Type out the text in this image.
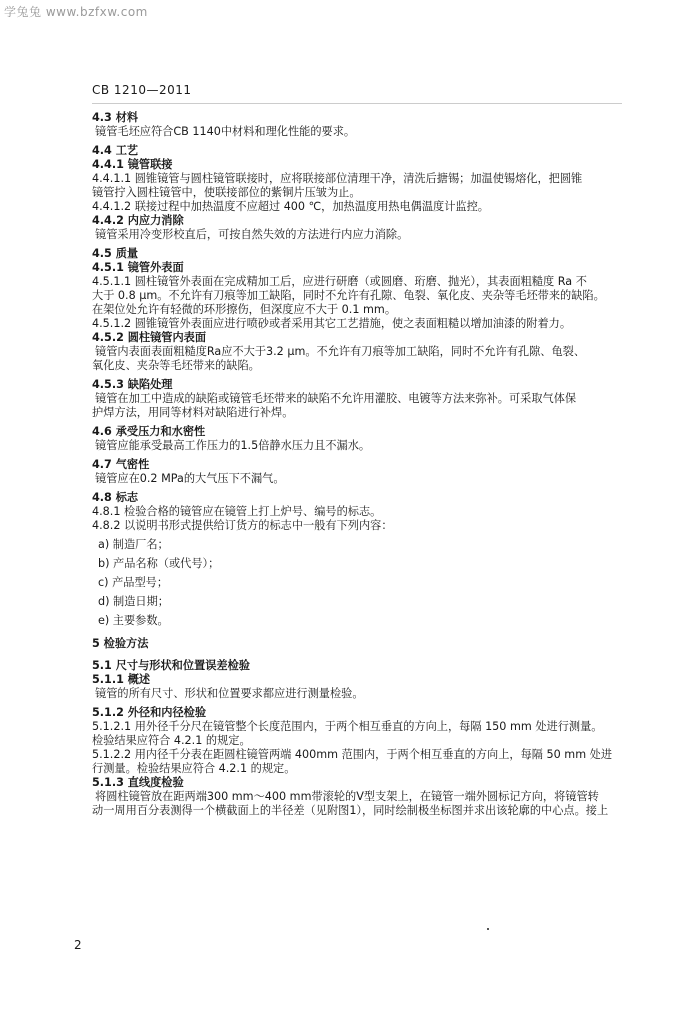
学兔兔 www.bzfxw.com
CB 1210—2011
4.3 材料
镜管毛坯应符合CB 1140中材料和理化性能的要求。
4.4 工艺
4.4.1 镜管联接
4.4.1.1 圆锥镜管与圆柱镜管联接时，应将联接部位清理干净，清洗后搪锡；加温使锡熔化，把圆锥
镜管拧入圆柱镜管中，使联接部位的紫铜片压皱为止。
4.4.1.2 联接过程中加热温度不应超过 400 ℃，加热温度用热电偶温度计监控。
4.4.2 内应力消除
镜管采用冷变形校直后，可按自然失效的方法进行内应力消除。
4.5 质量
4.5.1 镜管外表面
4.5.1.1 圆柱镜管外表面在完成精加工后，应进行研磨（或圆磨、珩磨、抛光），其表面粗糙度 Ra 不
大于 0.8 μm。不允许有刀痕等加工缺陷，同时不允许有孔隙、龟裂、氧化皮、夹杂等毛坯带来的缺陷。
在架位处允许有轻微的环形擦伤，但深度应不大于 0.1 mm。
4.5.1.2 圆锥镜管外表面应进行喷砂或者采用其它工艺措施，使之表面粗糙以增加油漆的附着力。
4.5.2 圆柱镜管内表面
镜管内表面表面粗糙度Ra应不大于3.2 μm。不允许有刀痕等加工缺陷，同时不允许有孔隙、龟裂、
氧化皮、夹杂等毛坯带来的缺陷。
4.5.3 缺陷处理
镜管在加工中造成的缺陷或镜管毛坯带来的缺陷不允许用灌胶、电镀等方法来弥补。可采取气体保
护焊方法，用同等材料对缺陷进行补焊。
4.6 承受压力和水密性
镜管应能承受最高工作压力的1.5倍静水压力且不漏水。
4.7 气密性
镜管应在0.2 MPa的大气压下不漏气。
4.8 标志
4.8.1 检验合格的镜管应在镜管上打上炉号、编号的标志。
4.8.2 以说明书形式提供给订货方的标志中一般有下列内容：
a) 制造厂名；
b) 产品名称（或代号）；
c) 产品型号；
d) 制造日期；
e) 主要参数。
5 检验方法
5.1 尺寸与形状和位置误差检验
5.1.1 概述
镜管的所有尺寸、形状和位置要求都应进行测量检验。
5.1.2 外径和内径检验
5.1.2.1 用外径千分尺在镜管整个长度范围内，于两个相互垂直的方向上，每隔 150 mm 处进行测量。
检验结果应符合 4.2.1 的规定。
5.1.2.2 用内径千分表在距圆柱镜管两端 400mm 范围内，于两个相互垂直的方向上，每隔 50 mm 处进
行测量。检验结果应符合 4.2.1 的规定。
5.1.3 直线度检验
将圆柱镜管放在距两端300 mm～400 mm带滚轮的V型支架上，在镜管一端外圆标记方向，将镜管转
动一周用百分表测得一个横截面上的半径差（见附图1），同时绘制极坐标图并求出该轮廓的中心点。接上
2
